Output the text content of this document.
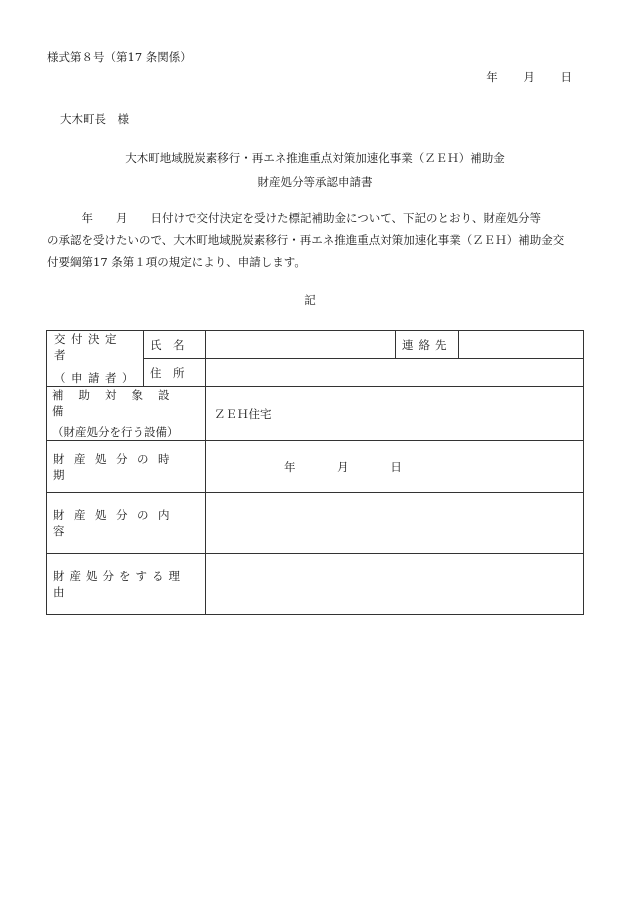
様式第８号（第17 条関係）
年 月 日
大木町長　様
大木町地域脱炭素移行・再エネ推進重点対策加速化事業（ＺＥＨ）補助金
財産処分等承認申請書
　　　年　　月　　日付けで交付決定を受けた標記補助金について、下記のとおり、財産処分等
の承認を受けたいので、大木町地域脱炭素移行・再エネ推進重点対策加速化事業（ＺＥＨ）補助金交
付要綱第17 条第１項の規定により、申請します。
記
交付決定者
（申請者）	氏　名		連絡先	
	住　所			

補助対象設備
（財産処分を行う設備）		ＺＥＨ住宅		
財産処分の時期		年 月 日		
財産処分の内容				
財産処分をする理由				
